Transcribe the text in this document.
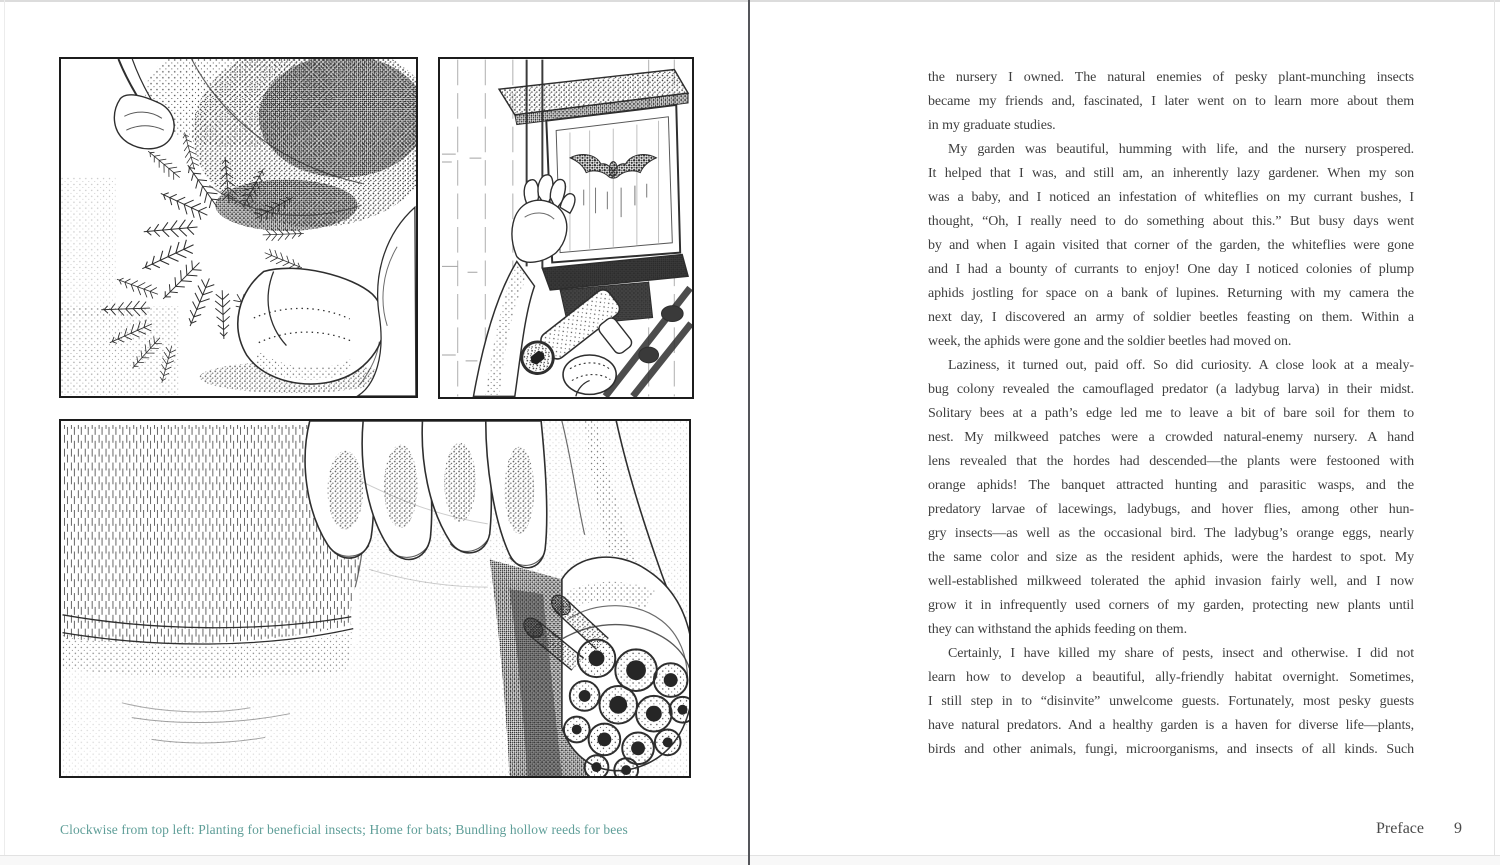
Clockwise from top left: Planting for beneficial insects; Home for bats; Bundling hollow reeds for bees
the nursery I owned. The natural enemies of pesky plant-munching insects
became my friends and, fascinated, I later went on to learn more about them
in my graduate studies.
My garden was beautiful, humming with life, and the nursery prospered.
It helped that I was, and still am, an inherently lazy gardener. When my son
was a baby, and I noticed an infestation of whiteflies on my currant bushes, I
thought, “Oh, I really need to do something about this.” But busy days went
by and when I again visited that corner of the garden, the whiteflies were gone
and I had a bounty of currants to enjoy! One day I noticed colonies of plump
aphids jostling for space on a bank of lupines. Returning with my camera the
next day, I discovered an army of soldier beetles feasting on them. Within a
week, the aphids were gone and the soldier beetles had moved on.
Laziness, it turned out, paid off. So did curiosity. A close look at a mealy-
bug colony revealed the camouflaged predator (a ladybug larva) in their midst.
Solitary bees at a path’s edge led me to leave a bit of bare soil for them to
nest. My milkweed patches were a crowded natural-enemy nursery. A hand
lens revealed that the hordes had descended—the plants were festooned with
orange aphids! The banquet attracted hunting and parasitic wasps, and the
predatory larvae of lacewings, ladybugs, and hover flies, among other hun-
gry insects—as well as the occasional bird. The ladybug’s orange eggs, nearly
the same color and size as the resident aphids, were the hardest to spot. My
well-established milkweed tolerated the aphid invasion fairly well, and I now
grow it in infrequently used corners of my garden, protecting new plants until
they can withstand the aphids feeding on them.
Certainly, I have killed my share of pests, insect and otherwise. I did not
learn how to develop a beautiful, ally-friendly habitat overnight. Sometimes,
I still step in to “disinvite” unwelcome guests. Fortunately, most pesky guests
have natural predators. And a healthy garden is a haven for diverse life—plants,
birds and other animals, fungi, microorganisms, and insects of all kinds. Such
Preface 9
